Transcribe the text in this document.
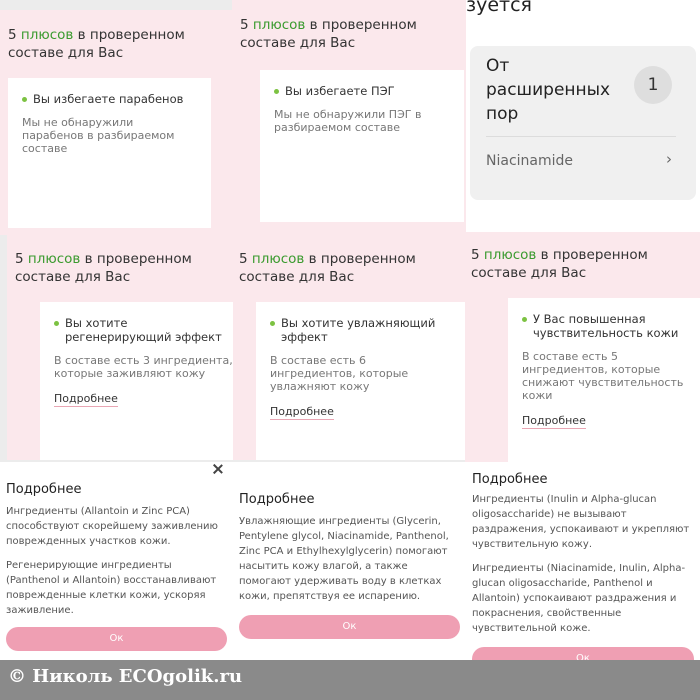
5 плюсов в проверенном составе для Вас
Вы избегаете парабенов
Мы не обнаружили парабенов в разбираемом составе
5 плюсов в проверенном составе для Вас
Вы избегаете ПЭГ
Мы не обнаружили ПЭГ в разбираемом составе
зуется
От расширенных пор
1
Niacinamide	›
5 плюсов в проверенном составе для Вас
Вы хотите регенерирующий эффект
В составе есть 3 ингредиента, которые заживляют кожу
Подробнее
5 плюсов в проверенном составе для Вас
Вы хотите увлажняющий эффект
В составе есть 6 ингредиентов, которые увлажняют кожу
Подробнее
5 плюсов в проверенном составе для Вас
У Вас повышенная чувствительность кожи
В составе есть 5 ингредиентов, которые снижают чувствительность кожи
Подробнее
Подробнее

Ингредиенты (Allantoin и Zinc PCA) способствуют скорейшему заживлению поврежденных участков кожи.

Регенерирующие ингредиенты (Panthenol и Allantoin) восстанавливают поврежденные клетки кожи, ускоряя заживление.

Ок
Подробнее

Увлажняющие ингредиенты (Glycerin, Pentylene glycol, Niacinamide, Panthenol, Zinc PCA и Ethylhexylglycerin) помогают насытить кожу влагой, а также помогают удерживать воду в клетках кожи, препятствуя ее испарению.

Ок
Подробнее

Ингредиенты (Inulin и Alpha-glucan oligosaccharide) не вызывают раздражения, успокаивают и укрепляют чувствительную кожу.

Ингредиенты (Niacinamide, Inulin, Alpha-glucan oligosaccharide, Panthenol и Allantoin) успокаивают раздражения и покраснения, свойственные чувствительной коже.

Ок
© Николь ECOgolik.ru
